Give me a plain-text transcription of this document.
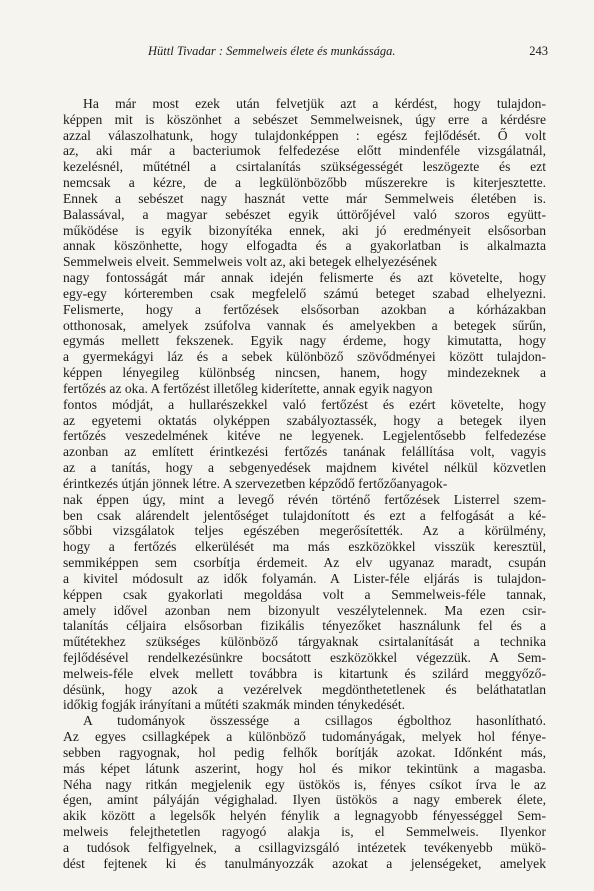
Hüttl Tivadar : Semmelweis élete és munkássága.	243
Ha már most ezek után felvetjük azt a kérdést, hogy tulajdon-
képpen mit is köszönhet a sebészet Semmelweisnek, úgy erre a kérdésre
azzal válaszolhatunk, hogy tulajdonképpen : egész fejlődését. Ő volt
az, aki már a bacteriumok felfedezése előtt mindenféle vizsgálatnál,
kezelésnél, műtétnél a csirtalanítás szükségességét leszögezte és ezt
nemcsak a kézre, de a legkülönbözőbb műszerekre is kiterjesztette.
Ennek a sebészet nagy hasznát vette már Semmelweis életében is.
Balassával, a magyar sebészet egyik úttörőjével való szoros együtt-
működése is egyik bizonyítéka ennek, aki jó eredményeit elsősorban
annak köszönhette, hogy elfogadta és a gyakorlatban is alkalmazta
Semmelweis elveit. Semmelweis volt az, aki betegek elhelyezésének
nagy fontosságát már annak idején felismerte és azt követelte, hogy
egy-egy kórteremben csak megfelelő számú beteget szabad elhelyezni.
Felismerte, hogy a fertőzések elsősorban azokban a kórházakban
otthonosak, amelyek zsúfolva vannak és amelyekben a betegek sűrűn,
egymás mellett fekszenek. Egyik nagy érdeme, hogy kimutatta, hogy
a gyermekágyi láz és a sebek különböző szövődményei között tulajdon-
képpen lényegileg különbség nincsen, hanem, hogy mindezeknek a
fertőzés az oka. A fertőzést illetőleg kiderítette, annak egyik nagyon
fontos módját, a hullarészekkel való fertőzést és ezért követelte, hogy
az egyetemi oktatás olyképpen szabályoztassék, hogy a betegek ilyen
fertőzés veszedelmének kitéve ne legyenek. Legjelentősebb felfedezése
azonban az említett érintkezési fertőzés tanának felállítása volt, vagyis
az a tanítás, hogy a sebgenyedések majdnem kivétel nélkül közvetlen
érintkezés útján jönnek létre. A szervezetben képződő fertőzőanyagok-
nak éppen úgy, mint a levegő révén történő fertőzések Listerrel szem-
ben csak alárendelt jelentőséget tulajdonított és ezt a felfogását a ké-
sőbbi vizsgálatok teljes egészében megerősítették. Az a körülmény,
hogy a fertőzés elkerülését ma más eszközökkel visszük keresztül,
semmiképpen sem csorbítja érdemeit. Az elv ugyanaz maradt, csupán
a kivitel módosult az idők folyamán. A Lister-féle eljárás is tulajdon-
képpen csak gyakorlati megoldása volt a Semmelweis-féle tannak,
amely idővel azonban nem bizonyult veszélytelennek. Ma ezen csir-
talanítás céljaira elsősorban fizikális tényezőket használunk fel és a
műtétekhez szükséges különböző tárgyaknak csirtalanítását a technika
fejlődésével rendelkezésünkre bocsátott eszközökkel végezzük. A Sem-
melweis-féle elvek mellett továbbra is kitartunk és szilárd meggyőző-
désünk, hogy azok a vezérelvek megdönthetetlenek és beláthatatlan
időkig fogják irányítani a műtéti szakmák minden ténykedését.
A tudományok összessége a csillagos égbolthoz hasonlítható.
Az egyes csillagképek a különböző tudományágak, melyek hol fénye-
sebben ragyognak, hol pedig felhők borítják azokat. Időnként más,
más képet látunk aszerint, hogy hol és mikor tekintünk a magasba.
Néha nagy ritkán megjelenik egy üstökös is, fényes csíkot írva le az
égen, amint pályáján végighalad. Ilyen üstökös a nagy emberek élete,
akik között a legelsők helyén fénylik a legnagyobb fényességgel Sem-
melweis felejthetetlen ragyogó alakja is, el Semmelweis. Ilyenkor
a tudósok felfigyelnek, a csillagvizsgáló intézetek tevékenyebb mükö-
dést fejtenek ki és tanulmányozzák azokat a jelenségeket, amelyek
